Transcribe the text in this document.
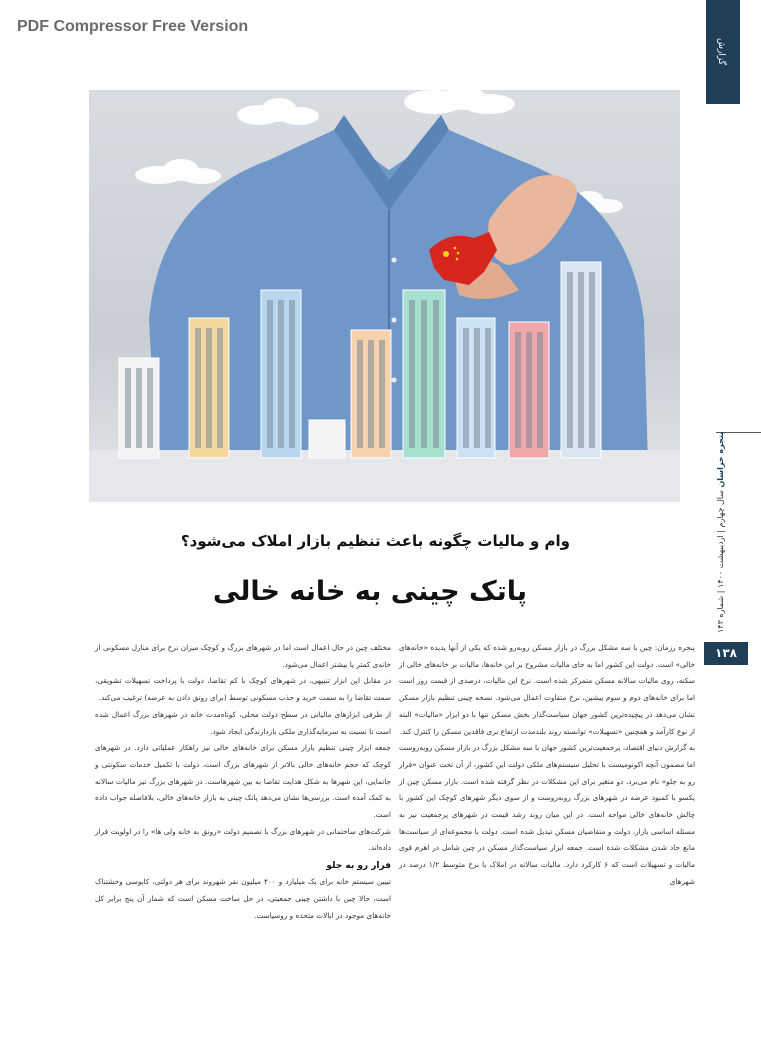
PDF Compressor Free Version
گزارش
پنجره خراسان سال چهارم | اردیبهشت ۱۴۰۰ | شماره ۱۴۳
۱۳۸
وام و مالیات چگونه باعث تنظیم بازار املاک می‌شود؟
پاتک چینی به خانه خالی

پنجره رزمان: چین با سه مشکل بزرگ در بازار مسکن روبه‌رو شده که یکی از آنها پدیده «خانه‌های خالی» است. دولت این کشور اما به جای مالیات مشروح بر این خانه‌ها، مالیات بر خانه‌های خالی از سکنه، روی مالیات سالانه مسکن متمرکز شده است. نرخ این مالیات، درصدی از قیمت روز است اما برای خانه‌های دوم و سوم پیشین، نرخ متفاوت اعمال می‌شود. نسخه چینی تنظیم بازار مسکن نشان می‌دهد در پیچیده‌ترین کشور جهان سیاست‌گذار بخش مسکن تنها با دو ابزار «مالیات» البته از نوع کارآمد و همچنین «تسهیلات» توانسته روند بلندمدت ارتفاع بری فاقدین مسکن را کنترل کند.

به گزارش دنیای اقتصاد، پرجمعیت‌ترین کشور جهان با سه مشکل بزرگ در بازار مسکن روبه‌روست اما مضمون آنچه اکونومیست با تحلیل سیستم‌های ملکی دولت این کشور، از آن تحت عنوان «فرار رو به جلو» نام می‌برد، دو متغیر برای این مشکلات در نظر گرفته شده است. بازار مسکن چین از یکسو با کمبود عرضه در شهرهای بزرگ روبه‌روست و از سوی دیگر شهرهای کوچک این کشور با چالش خانه‌های خالی مواجه است. در این میان روند رشد قیمت در شهرهای پرجمعیت نیز به مسئله اساسی بازار، دولت و متقاضیان مسکن تبدیل شده است. دولت با مجموعه‌ای از سیاست‌ها مانع حاد شدن مشکلات شده است. جمعه ابزار سیاست‌گذار مسکن در چین شامل در اهرم قوی مالیات و تسهیلات است که ۶ کارکرد دارد. مالیات سالانه در املاک با نرخ متوسط ۱/۲ درصد در شهرهای

مختلف چین در حال اعمال است اما در شهرهای بزرگ و کوچک میزان نرخ برای منازل مسکونی از خانه‌ی کمتر یا بیشتر اعمال می‌شود.

در مقابل این ابزار تنبیهی، در شهرهای کوچک با کم تقاضا، دولت با پرداخت تسهیلات تشویقی، سمت تقاضا را به سمت خرید و جذب مسکونی توسط (برای رونق دادن به عرضه) ترغیب می‌کند.

از طرفی ابزارهای مالیاتی در سطح دولت محلی، کوتاه‌مدت خانه در شهرهای بزرگ اعمال شده است تا نسبت به سرمایه‌گذاری ملکی بازدارندگی ایجاد شود.

جمعه ابزار چینی تنظیم بازار مسکن برای خانه‌های خالی نیز راهکار عملیاتی دارد. در شهرهای کوچک که حجم خانه‌های خالی بالاتر از شهرهای بزرگ است، دولت با تکمیل خدمات سکونتی و جانمایی، این شهرها به شکل هدایت تقاضا به بین شهرهاست. در شهرهای بزرگ نیز مالیات سالانه به کمک آمده است. بررسی‌ها نشان می‌دهد پاتک چینی به بازار خانه‌های خالی، بلافاصله جواب داده است.

شرکت‌های ساختمانی در شهرهای بزرگ با تصمیم دولت «رونق به خانه ولی ها» را در اولویت قرار داده‌اند.

فرار رو به جلو

تبیین سیستم خانه برای یک میلیارد و ۴۰۰ میلیون نفر شهروند برای هر دولتی، کابوسی وحشتناک است، حالا چین با داشتن چینی جمعیتی، در حل ساخت مسکن است که شمار آن پنج برابر کل خانه‌های موجود در ایالات متحده و روسیاست.
